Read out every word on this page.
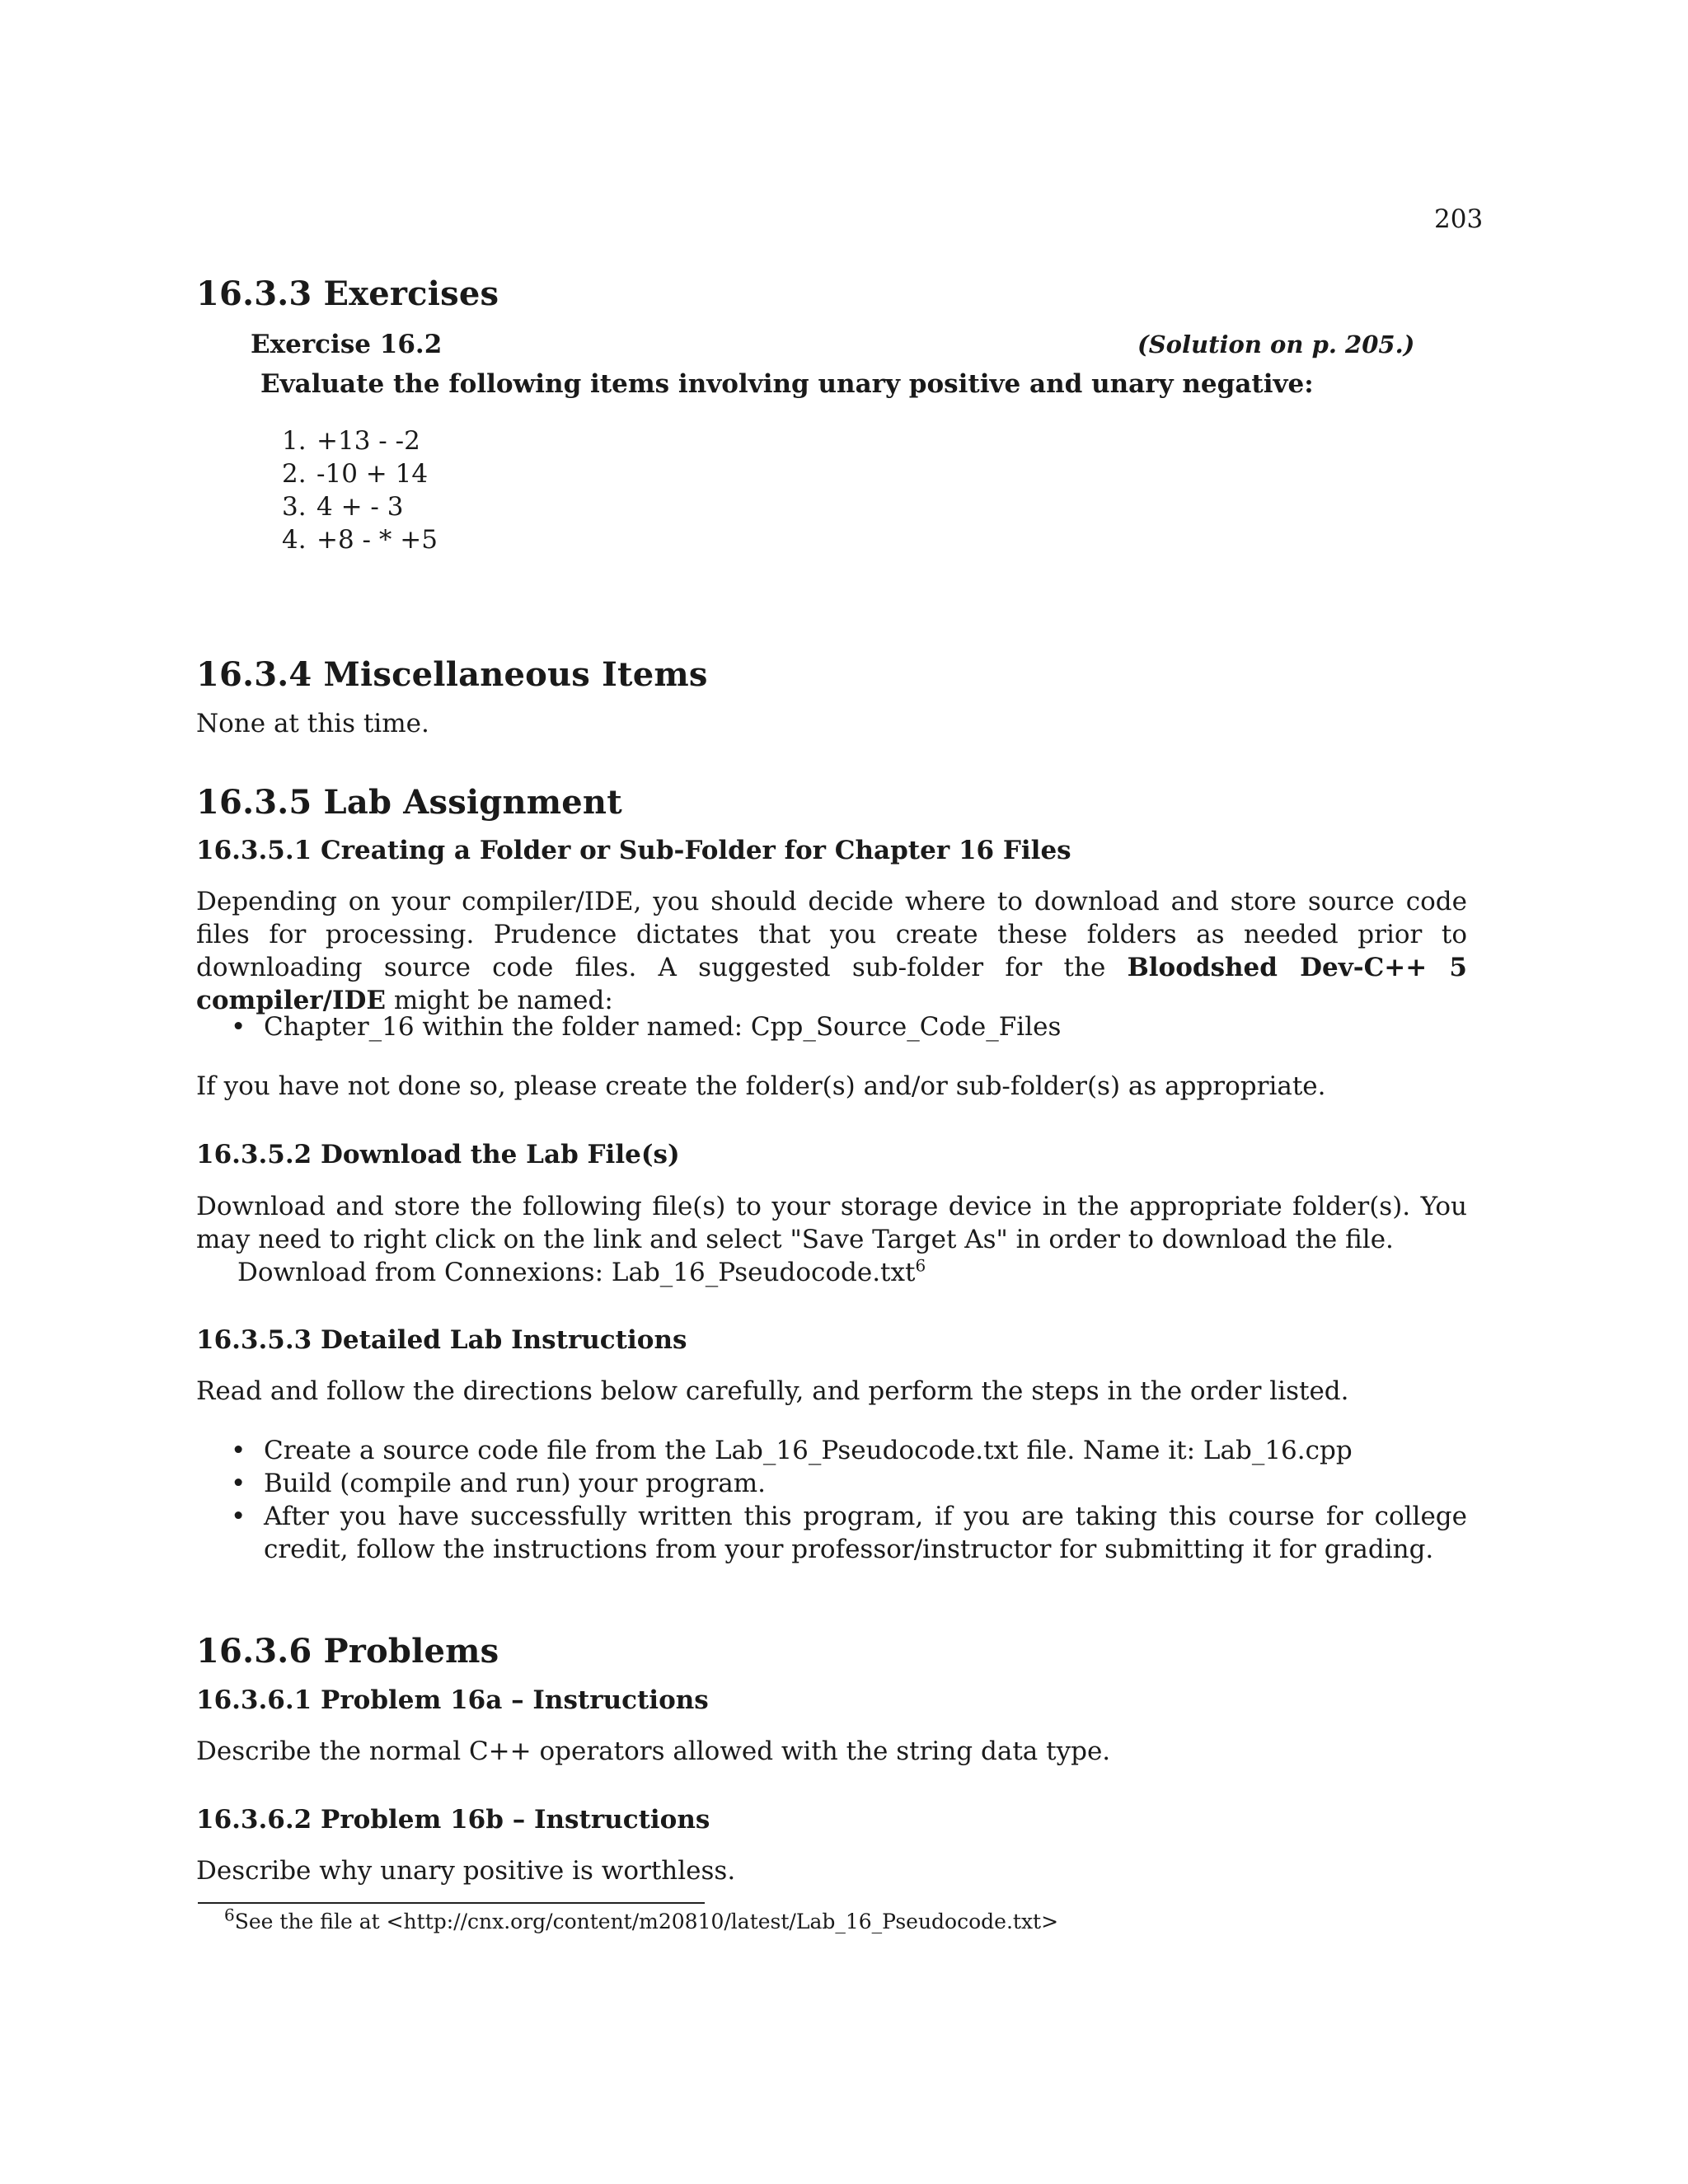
203
16.3.3 Exercises
Exercise 16.2	(Solution on p. 205.)
Evaluate the following items involving unary positive and unary negative:
1. +13 - -2
2. -10 + 14
3. 4 + - 3
4. +8 - * +5
16.3.4 Miscellaneous Items
None at this time.
16.3.5 Lab Assignment
16.3.5.1 Creating a Folder or Sub-Folder for Chapter 16 Files
Depending on your compiler/IDE, you should decide where to download and store source code files for processing. Prudence dictates that you create these folders as needed prior to downloading source code files. A suggested sub-folder for the Bloodshed Dev-C++ 5 compiler/IDE might be named:
• Chapter_16 within the folder named: Cpp_Source_Code_Files
If you have not done so, please create the folder(s) and/or sub-folder(s) as appropriate.
16.3.5.2 Download the Lab File(s)
Download and store the following file(s) to your storage device in the appropriate folder(s). You may need to right click on the link and select "Save Target As" in order to download the file.
Download from Connexions: Lab_16_Pseudocode.txt$^6$
16.3.5.3 Detailed Lab Instructions
Read and follow the directions below carefully, and perform the steps in the order listed.
• Create a source code file from the Lab_16_Pseudocode.txt file. Name it: Lab_16.cpp
• Build (compile and run) your program.
• After you have successfully written this program, if you are taking this course for college credit, follow the instructions from your professor/instructor for submitting it for grading.
16.3.6 Problems
16.3.6.1 Problem 16a – Instructions
Describe the normal C++ operators allowed with the string data type.
16.3.6.2 Problem 16b – Instructions
Describe why unary positive is worthless.
$^6$See the file at <http://cnx.org/content/m20810/latest/Lab_16_Pseudocode.txt>
